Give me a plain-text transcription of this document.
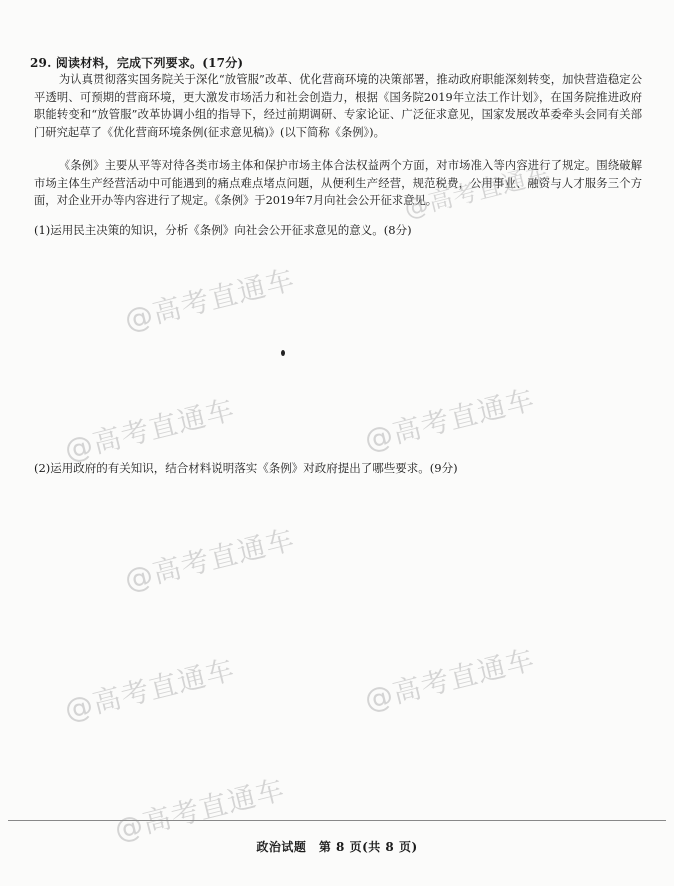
29. 阅读材料，完成下列要求。(17分)

为认真贯彻落实国务院关于深化“放管服”改革、优化营商环境的决策部署，推动政府职能深刻转变，加快营造稳定公平透明、可预期的营商环境，更大激发市场活力和社会创造力，根据《国务院2019年立法工作计划》，在国务院推进政府职能转变和“放管服”改革协调小组的指导下，经过前期调研、专家论证、广泛征求意见，国家发展改革委牵头会同有关部门研究起草了《优化营商环境条例(征求意见稿)》(以下简称《条例》)。

《条例》主要从平等对待各类市场主体和保护市场主体合法权益两个方面，对市场准入等内容进行了规定。围绕破解市场主体生产经营活动中可能遇到的痛点难点堵点问题，从便利生产经营，规范税费，公用事业、融资与人才服务三个方面，对企业开办等内容进行了规定。《条例》于2019年7月向社会公开征求意见。

(1)运用民主决策的知识，分析《条例》向社会公开征求意见的意义。(8分)
(2)运用政府的有关知识，结合材料说明落实《条例》对政府提出了哪些要求。(9分)
@高考直通车
@高考直通车
@高考直通车	@高考直通车
@高考直通车
@高考直通车	@高考直通车
@高考直通车
政治试题　第 8 页(共 8 页)
